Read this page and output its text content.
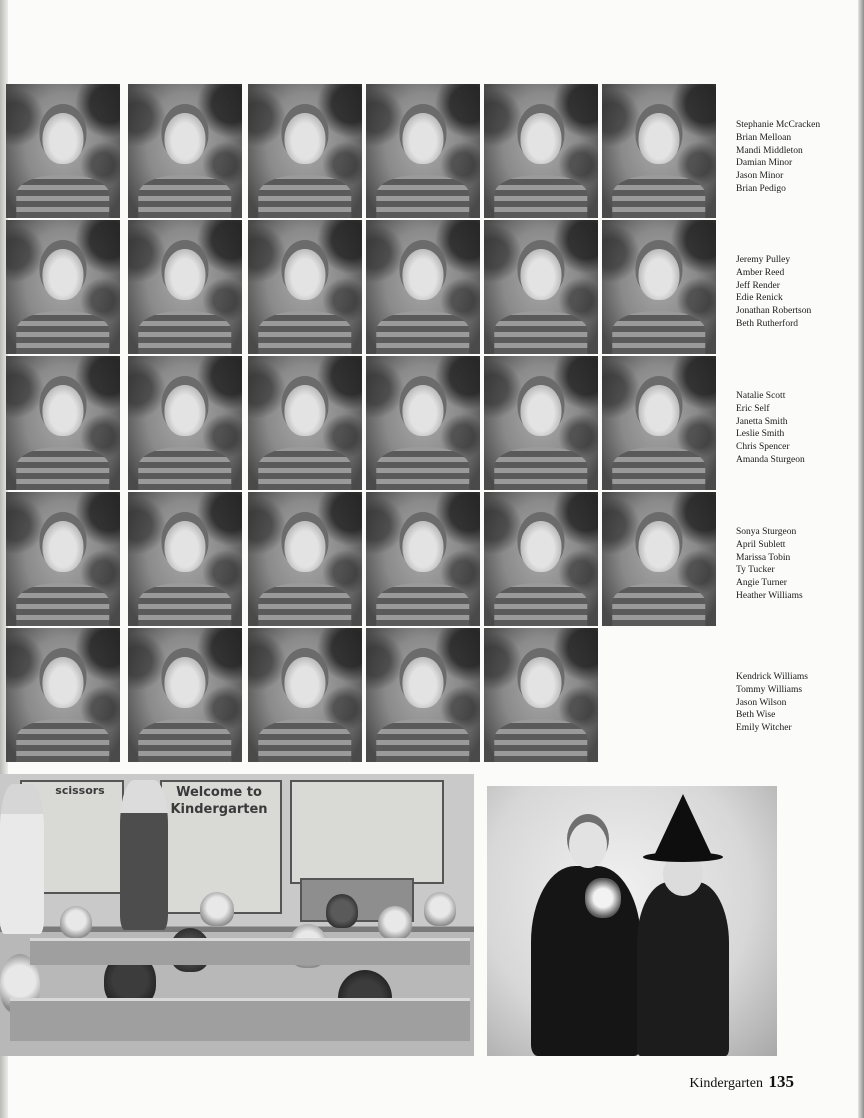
Stephanie McCracken
Brian Melloan
Mandi Middleton
Damian Minor
Jason Minor
Brian Pedigo
Jeremy Pulley
Amber Reed
Jeff Render
Edie Renick
Jonathan Robertson
Beth Rutherford
Natalie Scott
Eric Self
Janetta Smith
Leslie Smith
Chris Spencer
Amanda Sturgeon
Sonya Sturgeon
April Sublett
Marissa Tobin
Ty Tucker
Angie Turner
Heather Williams
Kendrick Williams
Tommy Williams
Jason Wilson
Beth Wise
Emily Witcher
scissors	Welcome to Kindergarten
Kindergarten 135
